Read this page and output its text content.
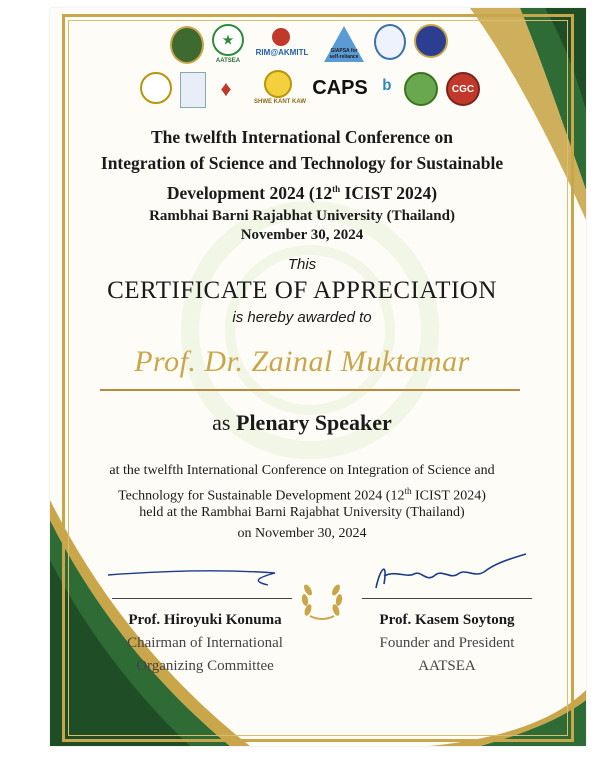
★
AATSEA
RIM@AKMITL	GIAPSA for self-reliance
♦
SHWE KANT KAW
CAPS ᵇ	CGC
The twelfth International Conference on
Integration of Science and Technology for Sustainable
Development 2024 (12th ICIST 2024)
Rambhai Barni Rajabhat University (Thailand)
November 30, 2024
This
CERTIFICATE OF APPRECIATION
is hereby awarded to
Prof. Dr. Zainal Muktamar
as Plenary Speaker
at the twelfth International Conference on Integration of Science and
Technology for Sustainable Development 2024 (12th ICIST 2024)
held at the Rambhai Barni Rajabhat University (Thailand)
on November 30, 2024
Prof. Hiroyuki Konuma
Chairman of International
Organizing Committee
Prof. Kasem Soytong
Founder and President
AATSEA
